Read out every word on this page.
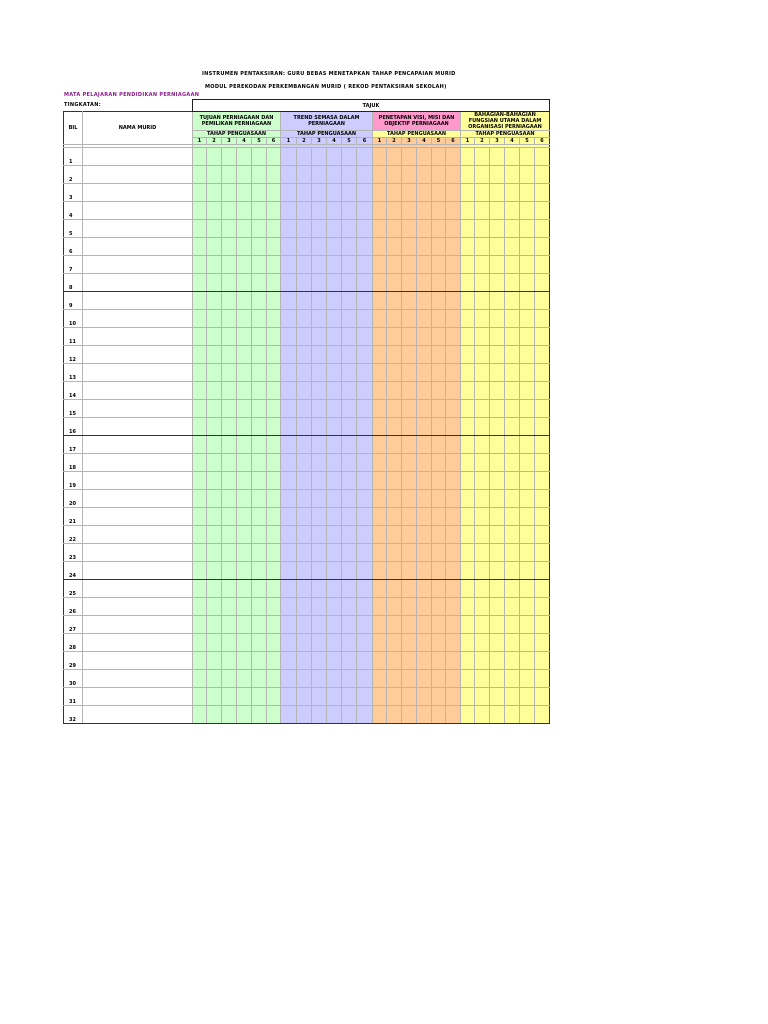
INSTRUMEN PENTAKSIRAN: GURU BEBAS MENETAPKAN TAHAP PENCAPAIAN MURID
MODUL PEREKODAN PERKEMBANGAN MURID ( REKOD PENTAKSIRAN SEKOLAH)
MATA PELAJARAN PENDIDIKAN PERNIAGAAN
TINGKATAN:
		TAJUK																							
BIL	NAMA MURID	TUJUAN PERNIAGAAN DAN PEMILIKAN PERNIAGAAN						TREND SEMASA DALAM PERNIAGAAN						PENETAPAN VISI, MISI DAN OBJEKTIF PERNIAGAAN						BAHAGIAN-BAHAGIAN FUNGSIAN UTAMA DALAM ORGANISASI PERNIAGAAN					
		TAHAP PENGUASAAN						TAHAP PENGUASAAN						TAHAP PENGUASAAN						TAHAP PENGUASAAN					
		1	2	3	4	5	6	1	2	3	4	5	6	1	2	3	4	5	6	1	2	3	4	5	6

1																									
2																									
3																									
4																									
5																									
6																									
7																									
8																									
9																									
10																									
11																									
12																									
13																									
14																									
15																									
16																									
17																									
18																									
19																									
20																									
21																									
22																									
23																									
24																									
25																									
26																									
27																									
28																									
29																									
30																									
31																									
32																									
